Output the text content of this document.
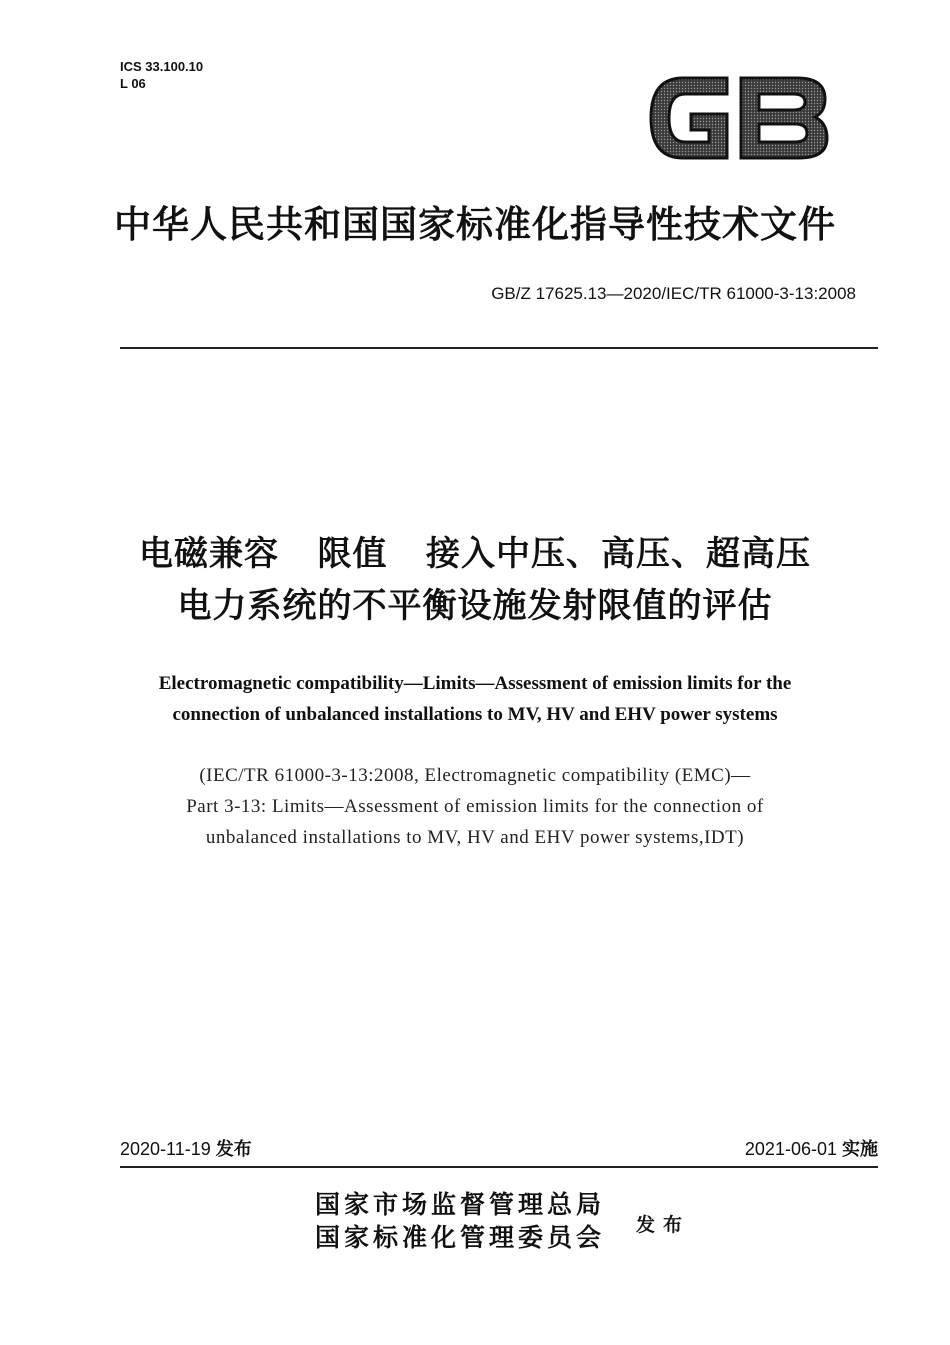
ICS 33.100.10
L 06
GB
中华人民共和国国家标准化指导性技术文件
GB/Z 17625.13—2020/IEC/TR 61000-3-13:2008
电磁兼容   限值   接入中压、高压、超高压
电力系统的不平衡设施发射限值的评估
Electromagnetic compatibility—Limits—Assessment of emission limits for the
connection of unbalanced installations to MV, HV and EHV power systems
(IEC/TR 61000-3-13:2008, Electromagnetic compatibility (EMC)—
Part 3-13: Limits—Assessment of emission limits for the connection of
unbalanced installations to MV, HV and EHV power systems,IDT)
2020-11-19 发布	2021-06-01 实施
国家市场监督管理总局
国家标准化管理委员会 发布
